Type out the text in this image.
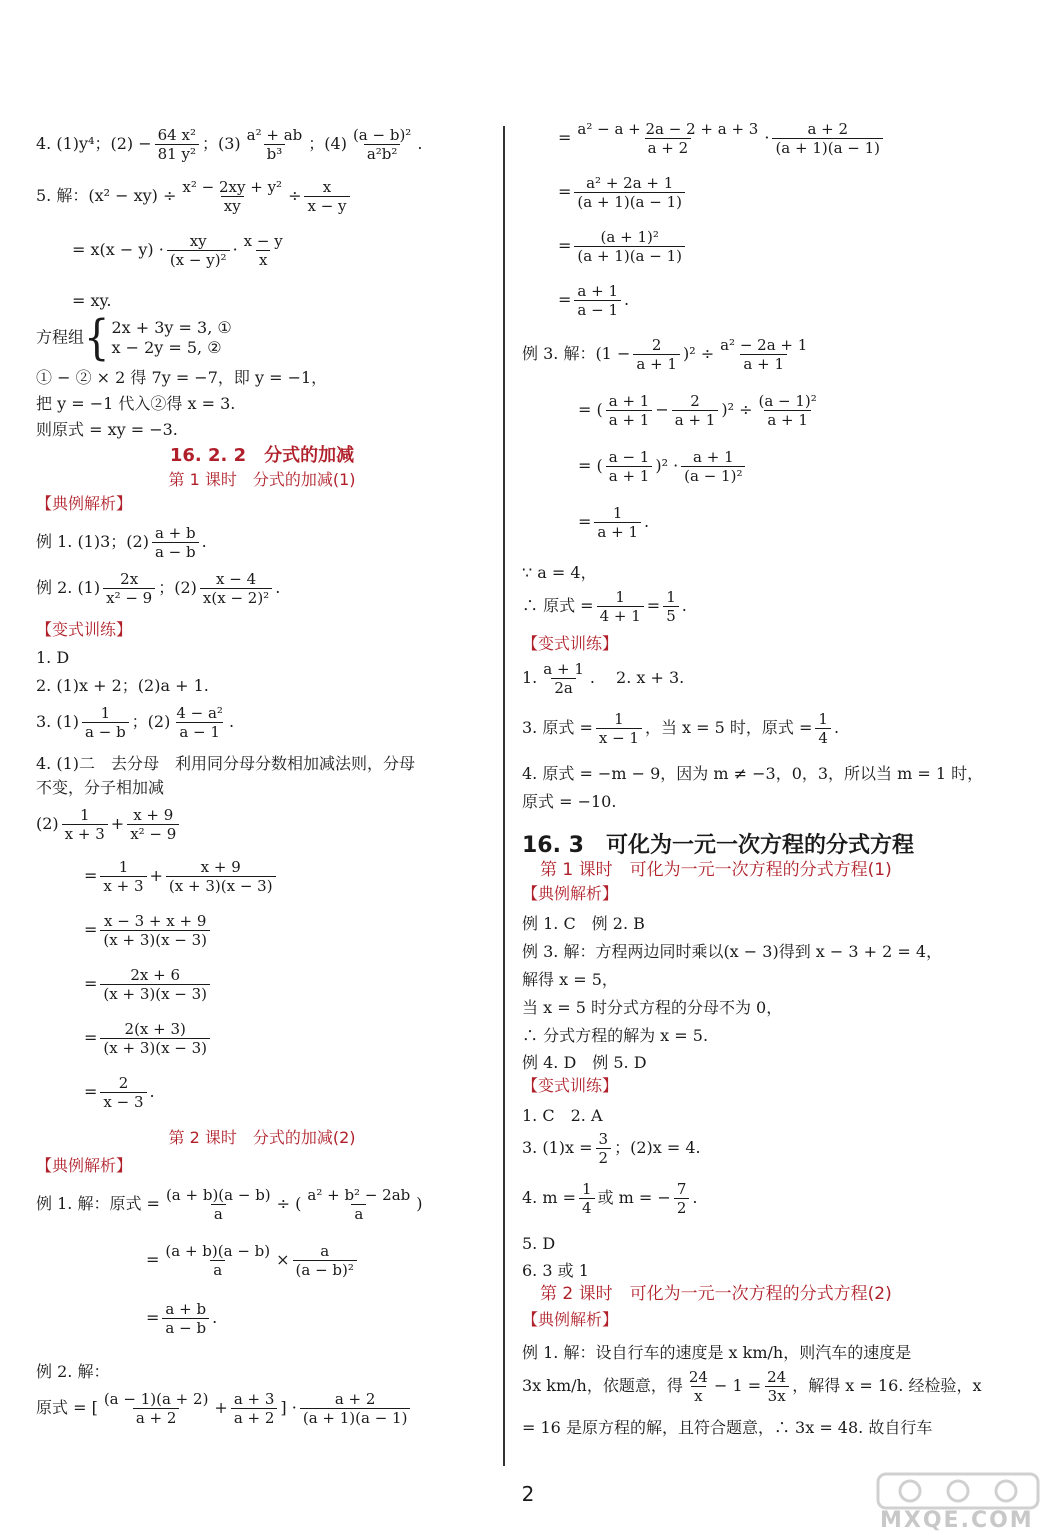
4. (1)y⁴；$(2) - \frac{\text{64 x²}}{\text{81 y²}}$ ；$(3) \frac{\text{a² + ab}}{\text{b³}}$ ；$(4) \frac{\text{(a − b)²}}{\text{a²b²}}$ .
5. 解：$(x^2 - xy) \div \frac{\text{x² − 2xy + y²}}{xy} \div \frac{x}{x - y}$
= $x(x - y) \cdot \frac{xy}{\text{(x − y)²}} \cdot \frac{x - y}{x}$
= xy.
方程组{ 2x + 3y = 3, ①
x − 2y = 5, ②
① − ② × 2 得 7y = −7，即 y = −1，
把 y = −1 代入②得 x = 3.
则原式 = xy = −3.
16. 2. 2　分式的加减
第 1 课时　分式的加减(1)
【典例解析】
例 1. (1)3；$(2) \frac{a + b}{a - b}$ .
例 2. $(1) \frac{2x}{\text{x² − 9}}$ ；$(2) \frac{x - 4}{\text{x(x − 2)²}}$ .
【变式训练】
1. D
2. (1)x + 2；(2)a + 1.
3. $(1) \frac{1}{a - b}$ ；$(2) \frac{\text{4 − a²}}{a - 1}$ .
4. (1)二　去分母　利用同分母分数相加减法则，分母
不变，分子相加减
$(2) \frac{1}{x + 3} + \frac{x + 9}{\text{x² − 9}}$
= $\frac{1}{x + 3} + \frac{x + 9}{(x + 3)(x - 3)}$
= $\frac{x - 3 + x + 9}{(x + 3)(x - 3)}$
= $\frac{2x + 6}{(x + 3)(x - 3)}$
= $\frac{2(x + 3)}{(x + 3)(x - 3)}$
= $\frac{2}{x - 3}$ .
第 2 课时　分式的加减(2)
【典例解析】
例 1. 解：原式 = $\frac{(a + b)(a - b)}{a}$ ÷ ( $\frac{\text{a² + b² − 2ab}}{a}$ )
= $\frac{(a + b)(a - b)}{a} \times \frac{a}{\text{(a − b)²}}$
= $\frac{a + b}{a - b}$ .
例 2. 解：
原式 = [ $\frac{(a - 1)(a + 2)}{a + 2} + \frac{a + 3}{a + 2}$ ] · $\frac{a + 2}{(a + 1)(a - 1)}$
= $\frac{\text{a² − a + 2a − 2 + a + 3}}{a + 2} \cdot \frac{a + 2}{(a + 1)(a - 1)}$
= $\frac{\text{a² + 2a + 1}}{(a + 1)(a - 1)}$
= $\frac{\text{(a + 1)²}}{(a + 1)(a - 1)}$
= $\frac{a + 1}{a - 1}$ .
例 3. 解：$(1 - \frac{2}{a + 1} )^2 \div \frac{\text{a² − 2a + 1}}{a + 1}$
= ( $\frac{a + 1}{a + 1} - \frac{2}{a + 1} )^2 \div \frac{\text{(a − 1)²}}{a + 1}$
= ( $\frac{a - 1}{a + 1} )^2 \cdot \frac{a + 1}{\text{(a − 1)²}}$
= $\frac{1}{a + 1}$ .
∵ a = 4，
∴ 原式 = $\frac{1}{4 + 1} = \frac{1}{5}$ .
【变式训练】
1. $\frac{a + 1}{2a}$ .　 2. x + 3.
3. 原式 = $\frac{1}{x - 1}$ ，当 x = 5 时，原式 = $\frac{1}{4}$ .
4. 原式 = −m − 9，因为 m ≠ −3，0，3，所以当 m = 1 时，
原式 = −10.
16. 3　可化为一元一次方程的分式方程
第 1 课时　可化为一元一次方程的分式方程(1)
【典例解析】
例 1. C　例 2. B
例 3. 解：方程两边同时乘以(x − 3)得到 x − 3 + 2 = 4，
解得 x = 5，
当 x = 5 时分式方程的分母不为 0，
∴ 分式方程的解为 x = 5.
例 4. D　例 5. D
【变式训练】
1. C　2. A
3. $(1)x = \frac{3}{2}$ ；(2)x = 4.
4. $m = \frac{1}{4}$ 或 m = − $\frac{7}{2}$ .
5. D
6. 3 或 1
第 2 课时　可化为一元一次方程的分式方程(2)
【典例解析】
例 1. 解：设自行车的速度是 x km/h，则汽车的速度是
3x km/h，依题意，得 $\frac{24}{x} - 1 = \frac{24}{3x}$ ，解得 x = 16. 经检验，x
= 16 是原方程的解，且符合题意，∴ 3x = 48. 故自行车
2
MXQE.COM
